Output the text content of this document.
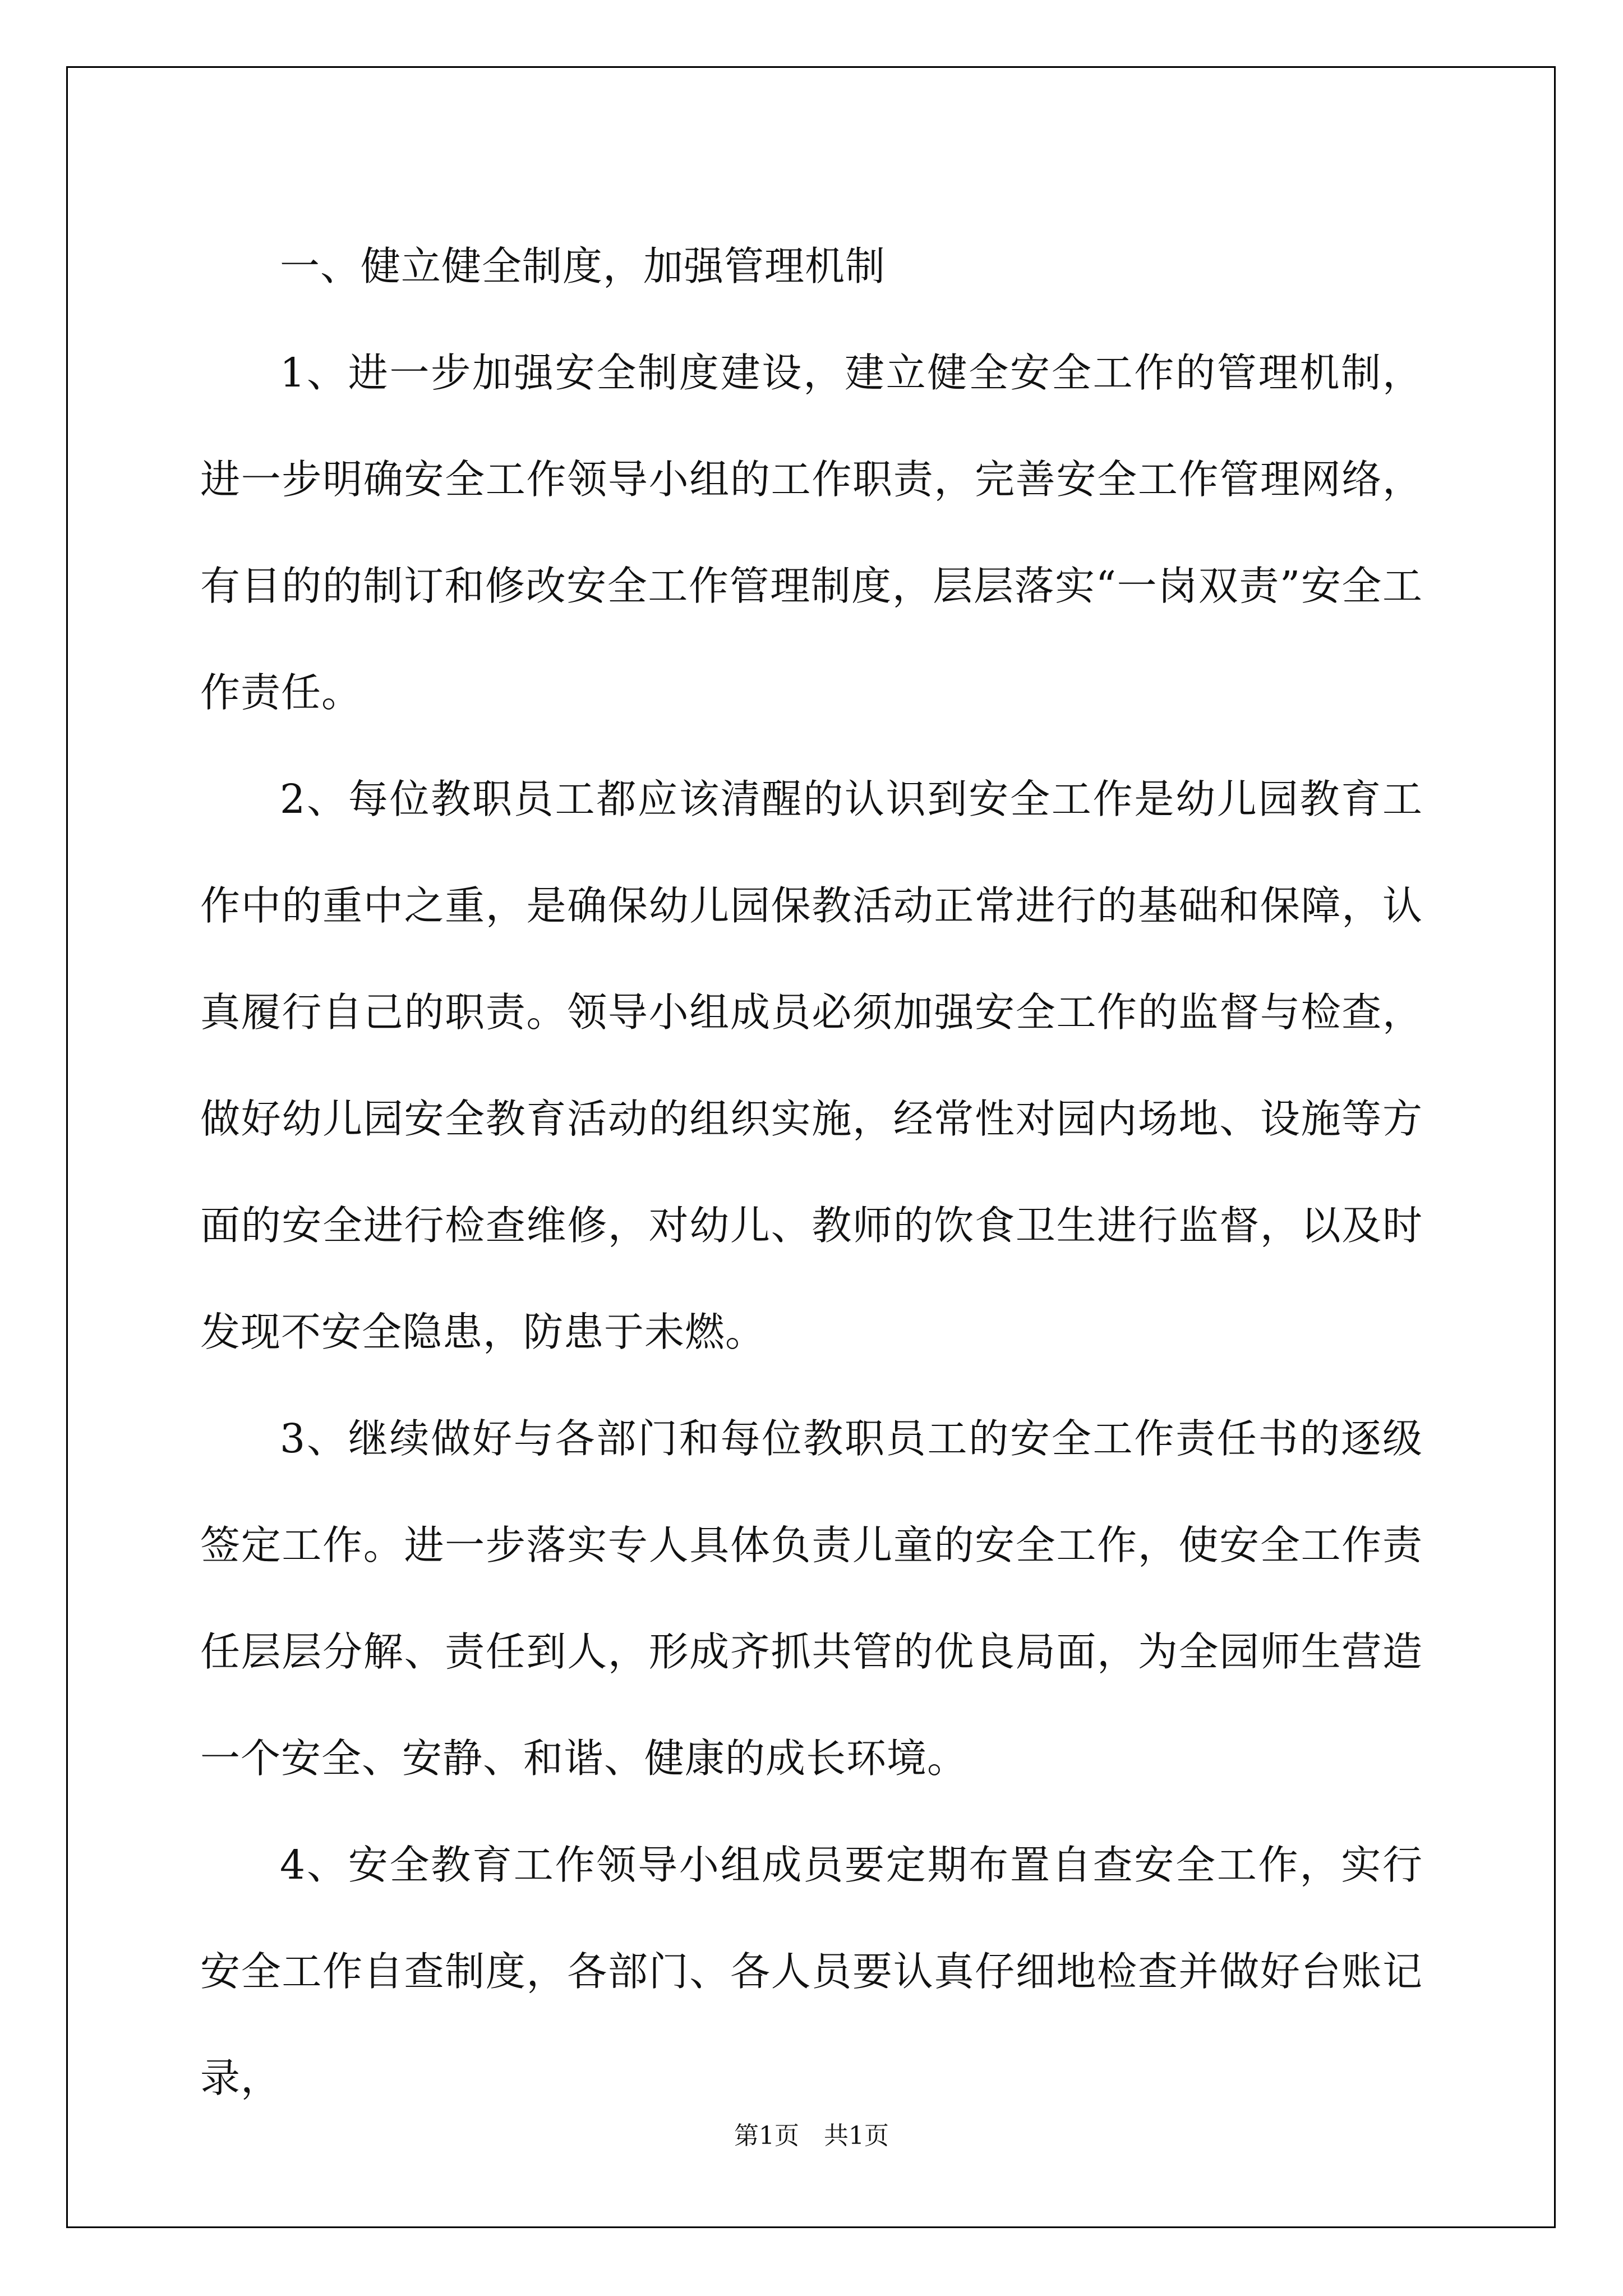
一、健立健全制度，加强管理机制

1、进一步加强安全制度建设，建立健全安全工作的管理机制，进一步明确安全工作领导小组的工作职责，完善安全工作管理网络，有目的的制订和修改安全工作管理制度，层层落实“一岗双责”安全工作责任。

2、每位教职员工都应该清醒的认识到安全工作是幼儿园教育工作中的重中之重，是确保幼儿园保教活动正常进行的基础和保障，认真履行自己的职责。领导小组成员必须加强安全工作的监督与检查，做好幼儿园安全教育活动的组织实施，经常性对园内场地、设施等方面的安全进行检查维修，对幼儿、教师的饮食卫生进行监督，以及时发现不安全隐患，防患于未燃。

3、继续做好与各部门和每位教职员工的安全工作责任书的逐级签定工作。进一步落实专人具体负责儿童的安全工作，使安全工作责任层层分解、责任到人，形成齐抓共管的优良局面，为全园师生营造一个安全、安静、和谐、健康的成长环境。

4、安全教育工作领导小组成员要定期布置自查安全工作，实行安全工作自查制度，各部门、各人员要认真仔细地检查并做好台账记录，

第1页 共1页
